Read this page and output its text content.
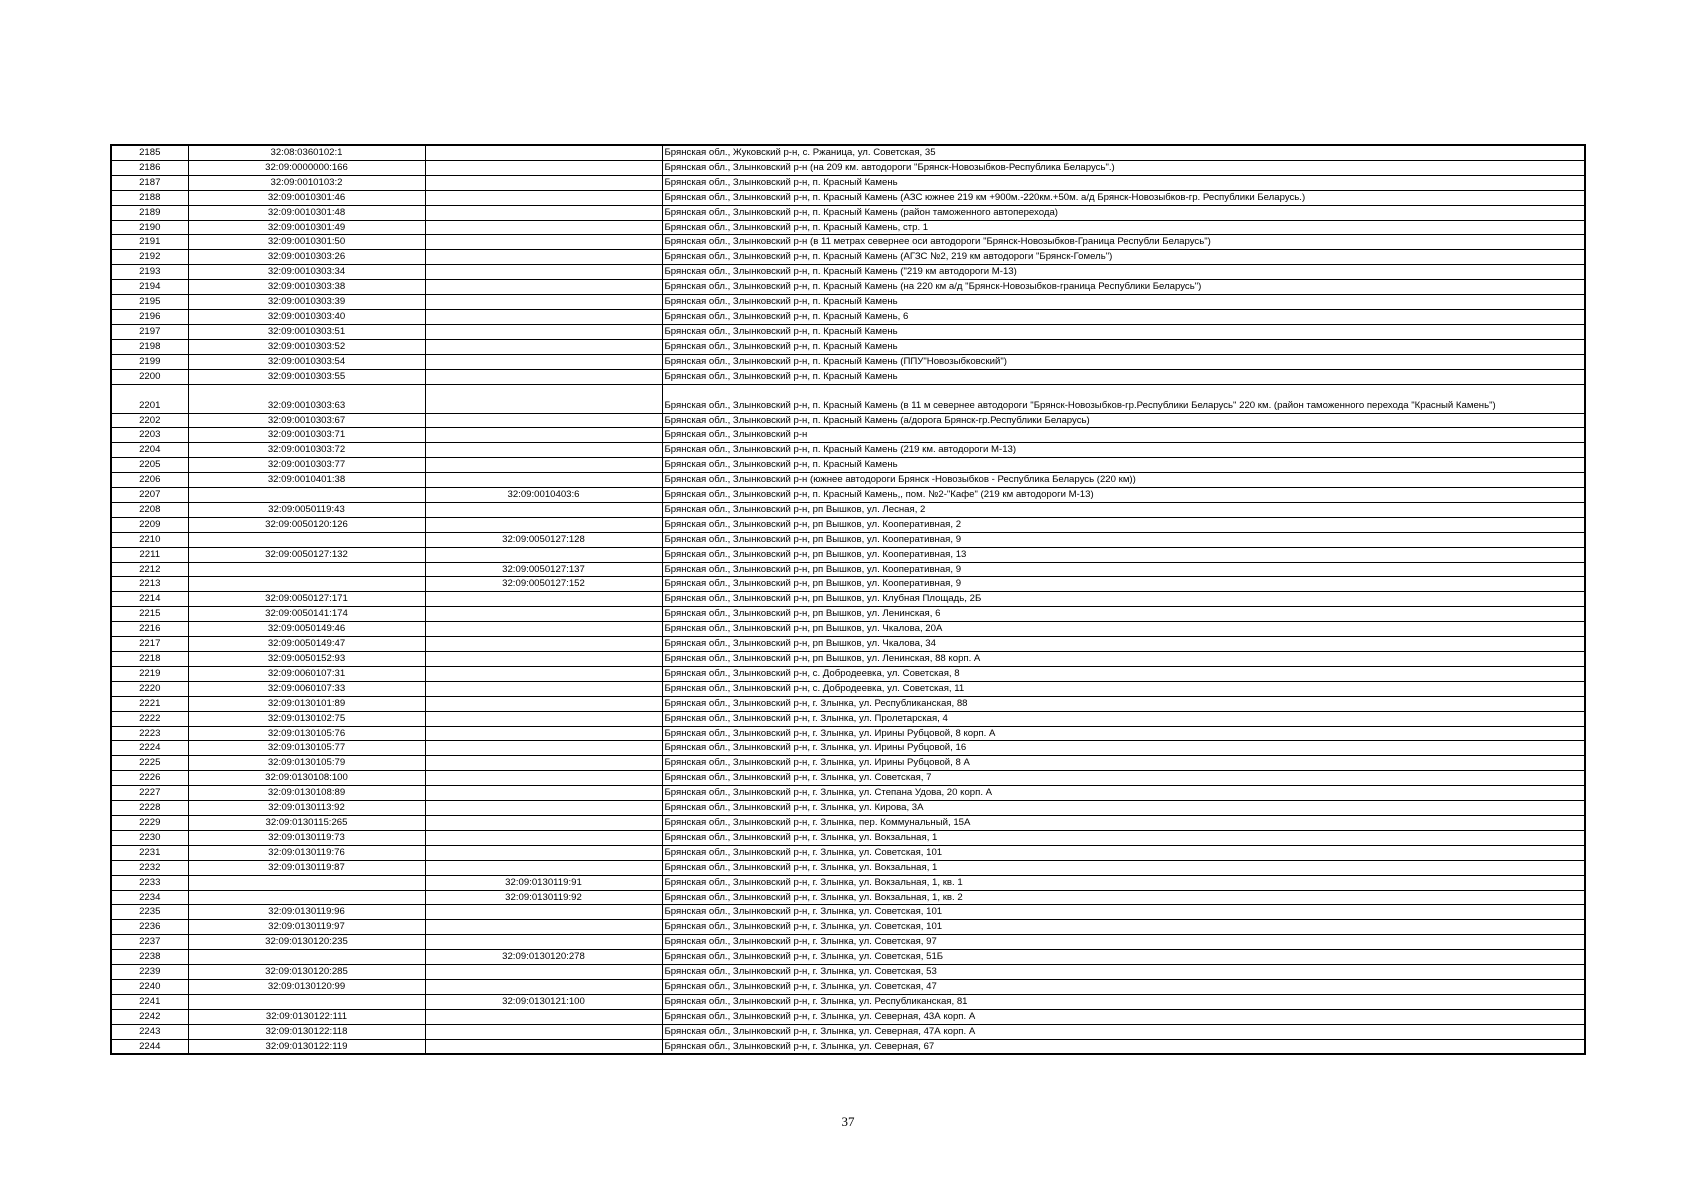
2185	32:08:0360102:1		Брянская обл., Жуковский р-н, с. Ржаница, ул. Советская, 35
2186	32:09:0000000:166		Брянская обл., Злынковский р-н (на 209 км. автодороги "Брянск-Новозыбков-Республика Беларусь".)
2187	32:09:0010103:2		Брянская обл., Злынковский р-н, п. Красный Камень
2188	32:09:0010301:46		Брянская обл., Злынковский р-н, п. Красный Камень (АЗС южнее 219 км +900м.-220км.+50м. а/д Брянск-Новозыбков-гр. Республики Беларусь.)
2189	32:09:0010301:48		Брянская обл., Злынковский р-н, п. Красный Камень (район таможенного автоперехода)
2190	32:09:0010301:49		Брянская обл., Злынковский р-н, п. Красный Камень, стр. 1
2191	32:09:0010301:50		Брянская обл., Злынковский р-н (в 11 метрах севернее оси автодороги "Брянск-Новозыбков-Граница Республи Беларусь")
2192	32:09:0010303:26		Брянская обл., Злынковский р-н, п. Красный Камень (АГЗС №2, 219 км автодороги "Брянск-Гомель")
2193	32:09:0010303:34		Брянская обл., Злынковский р-н, п. Красный Камень ("219 км автодороги М-13)
2194	32:09:0010303:38		Брянская обл., Злынковский р-н, п. Красный Камень (на 220 км а/д "Брянск-Новозыбков-граница Республики Беларусь")
2195	32:09:0010303:39		Брянская обл., Злынковский р-н, п. Красный Камень
2196	32:09:0010303:40		Брянская обл., Злынковский р-н, п. Красный Камень, 6
2197	32:09:0010303:51		Брянская обл., Злынковский р-н, п. Красный Камень
2198	32:09:0010303:52		Брянская обл., Злынковский р-н, п. Красный Камень
2199	32:09:0010303:54		Брянская обл., Злынковский р-н, п. Красный Камень (ППУ"Новозыбковский")
2200	32:09:0010303:55		Брянская обл., Злынковский р-н, п. Красный Камень
2201	32:09:0010303:63		Брянская обл., Злынковский р-н, п. Красный Камень (в 11 м севернее автодороги "Брянск-Новозыбков-гр.Республики Беларусь" 220 км. (район таможенного перехода "Красный Камень")
2202	32:09:0010303:67		Брянская обл., Злынковский р-н, п. Красный Камень (а/дорога Брянск-гр.Республики Беларусь)
2203	32:09:0010303:71		Брянская обл., Злынковский р-н
2204	32:09:0010303:72		Брянская обл., Злынковский р-н, п. Красный Камень (219 км. автодороги М-13)
2205	32:09:0010303:77		Брянская обл., Злынковский р-н, п. Красный Камень
2206	32:09:0010401:38		Брянская обл., Злынковский р-н (южнее автодороги Брянск -Новозыбков - Республика Беларусь (220 км))
2207		32:09:0010403:6	Брянская обл., Злынковский р-н, п. Красный Камень,, пом. №2-"Кафе" (219 км автодороги М-13)
2208	32:09:0050119:43		Брянская обл., Злынковский р-н, рп Вышков, ул. Лесная, 2
2209	32:09:0050120:126		Брянская обл., Злынковский р-н, рп Вышков, ул. Кооперативная, 2
2210		32:09:0050127:128	Брянская обл., Злынковский р-н, рп Вышков, ул. Кооперативная, 9
2211	32:09:0050127:132		Брянская обл., Злынковский р-н, рп Вышков, ул. Кооперативная, 13
2212		32:09:0050127:137	Брянская обл., Злынковский р-н, рп Вышков, ул. Кооперативная, 9
2213		32:09:0050127:152	Брянская обл., Злынковский р-н, рп Вышков, ул. Кооперативная, 9
2214	32:09:0050127:171		Брянская обл., Злынковский р-н, рп Вышков, ул. Клубная Площадь, 2Б
2215	32:09:0050141:174		Брянская обл., Злынковский р-н, рп Вышков, ул. Ленинская, 6
2216	32:09:0050149:46		Брянская обл., Злынковский р-н, рп Вышков, ул. Чкалова, 20А
2217	32:09:0050149:47		Брянская обл., Злынковский р-н, рп Вышков, ул. Чкалова, 34
2218	32:09:0050152:93		Брянская обл., Злынковский р-н, рп Вышков, ул. Ленинская, 88 корп. А
2219	32:09:0060107:31		Брянская обл., Злынковский р-н, с. Добродеевка, ул. Советская, 8
2220	32:09:0060107:33		Брянская обл., Злынковский р-н, с. Добродеевка, ул. Советская, 11
2221	32:09:0130101:89		Брянская обл., Злынковский р-н, г. Злынка, ул. Республиканская, 88
2222	32:09:0130102:75		Брянская обл., Злынковский р-н, г. Злынка, ул. Пролетарская, 4
2223	32:09:0130105:76		Брянская обл., Злынковский р-н, г. Злынка, ул. Ирины Рубцовой, 8 корп. А
2224	32:09:0130105:77		Брянская обл., Злынковский р-н, г. Злынка, ул. Ирины Рубцовой, 16
2225	32:09:0130105:79		Брянская обл., Злынковский р-н, г. Злынка, ул. Ирины Рубцовой, 8 А
2226	32:09:0130108:100		Брянская обл., Злынковский р-н, г. Злынка, ул. Советская, 7
2227	32:09:0130108:89		Брянская обл., Злынковский р-н, г. Злынка, ул. Степана Удова, 20 корп. А
2228	32:09:0130113:92		Брянская обл., Злынковский р-н, г. Злынка, ул. Кирова, 3А
2229	32:09:0130115:265		Брянская обл., Злынковский р-н, г. Злынка, пер. Коммунальный, 15А
2230	32:09:0130119:73		Брянская обл., Злынковский р-н, г. Злынка, ул. Вокзальная, 1
2231	32:09:0130119:76		Брянская обл., Злынковский р-н, г. Злынка, ул. Советская, 101
2232	32:09:0130119:87		Брянская обл., Злынковский р-н, г. Злынка, ул. Вокзальная, 1
2233		32:09:0130119:91	Брянская обл., Злынковский р-н, г. Злынка, ул. Вокзальная, 1, кв. 1
2234		32:09:0130119:92	Брянская обл., Злынковский р-н, г. Злынка, ул. Вокзальная, 1, кв. 2
2235	32:09:0130119:96		Брянская обл., Злынковский р-н, г. Злынка, ул. Советская, 101
2236	32:09:0130119:97		Брянская обл., Злынковский р-н, г. Злынка, ул. Советская, 101
2237	32:09:0130120:235		Брянская обл., Злынковский р-н, г. Злынка, ул. Советская, 97
2238		32:09:0130120:278	Брянская обл., Злынковский р-н, г. Злынка, ул. Советская, 51Б
2239	32:09:0130120:285		Брянская обл., Злынковский р-н, г. Злынка, ул. Советская, 53
2240	32:09:0130120:99		Брянская обл., Злынковский р-н, г. Злынка, ул. Советская, 47
2241		32:09:0130121:100	Брянская обл., Злынковский р-н, г. Злынка, ул. Республиканская, 81
2242	32:09:0130122:111		Брянская обл., Злынковский р-н, г. Злынка, ул. Северная, 43А корп. А
2243	32:09:0130122:118		Брянская обл., Злынковский р-н, г. Злынка, ул. Северная, 47А корп. А
2244	32:09:0130122:119		Брянская обл., Злынковский р-н, г. Злынка, ул. Северная, 67
37
